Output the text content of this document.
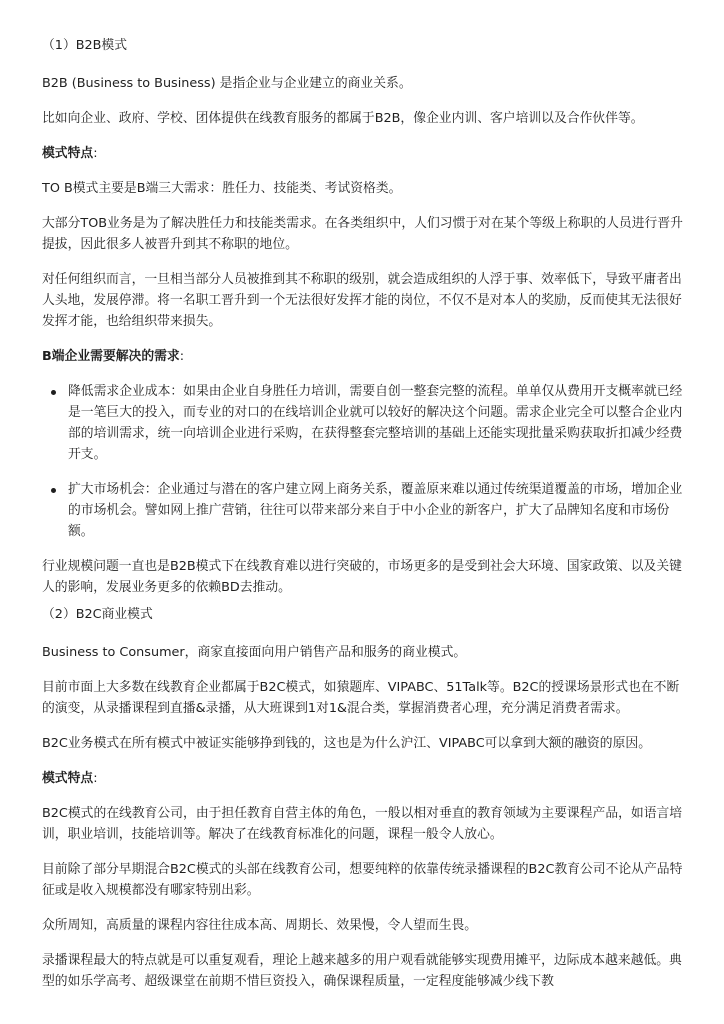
（1）B2B模式

B2B (Business to Business) 是指企业与企业建立的商业关系。

比如向企业、政府、学校、团体提供在线教育服务的都属于B2B，像企业内训、客户培训以及合作伙伴等。

模式特点:

TO B模式主要是B端三大需求：胜任力、技能类、考试资格类。

大部分TOB业务是为了解决胜任力和技能类需求。在各类组织中，人们习惯于对在某个等级上称职的人员进行晋升提拔，因此很多人被晋升到其不称职的地位。

对任何组织而言，一旦相当部分人员被推到其不称职的级别，就会造成组织的人浮于事、效率低下，导致平庸者出人头地，发展停滞。将一名职工晋升到一个无法很好发挥才能的岗位，不仅不是对本人的奖励，反而使其无法很好发挥才能，也给组织带来损失。

B端企业需要解决的需求:

降低需求企业成本：如果由企业自身胜任力培训，需要自创一整套完整的流程。单单仅从费用开支概率就已经是一笔巨大的投入，而专业的对口的在线培训企业就可以较好的解决这个问题。需求企业完全可以整合企业内部的培训需求，统一向培训企业进行采购，在获得整套完整培训的基础上还能实现批量采购获取折扣减少经费开支。
扩大市场机会：企业通过与潜在的客户建立网上商务关系，覆盖原来难以通过传统渠道覆盖的市场，增加企业的市场机会。譬如网上推广营销，往往可以带来部分来自于中小企业的新客户，扩大了品牌知名度和市场份额。

行业规模问题一直也是B2B模式下在线教育难以进行突破的，市场更多的是受到社会大环境、国家政策、以及关键人的影响，发展业务更多的依赖BD去推动。

（2）B2C商业模式

Business to Consumer，商家直接面向用户销售产品和服务的商业模式。

目前市面上大多数在线教育企业都属于B2C模式，如猿题库、VIPABC、51Talk等。B2C的授课场景形式也在不断的演变，从录播课程到直播&录播，从大班课到1对1&混合类，掌握消费者心理，充分满足消费者需求。

B2C业务模式在所有模式中被证实能够挣到钱的，这也是为什么沪江、VIPABC可以拿到大额的融资的原因。

模式特点:

B2C模式的在线教育公司，由于担任教育自营主体的角色，一般以相对垂直的教育领域为主要课程产品，如语言培训，职业培训，技能培训等。解决了在线教育标准化的问题，课程一般令人放心。

目前除了部分早期混合B2C模式的头部在线教育公司，想要纯粹的依靠传统录播课程的B2C教育公司不论从产品特征或是收入规模都没有哪家特别出彩。

众所周知，高质量的课程内容往往成本高、周期长、效果慢，令人望而生畏。

录播课程最大的特点就是可以重复观看，理论上越来越多的用户观看就能够实现费用摊平，边际成本越来越低。典型的如乐学高考、超级课堂在前期不惜巨资投入，确保课程质量，一定程度能够减少线下教
